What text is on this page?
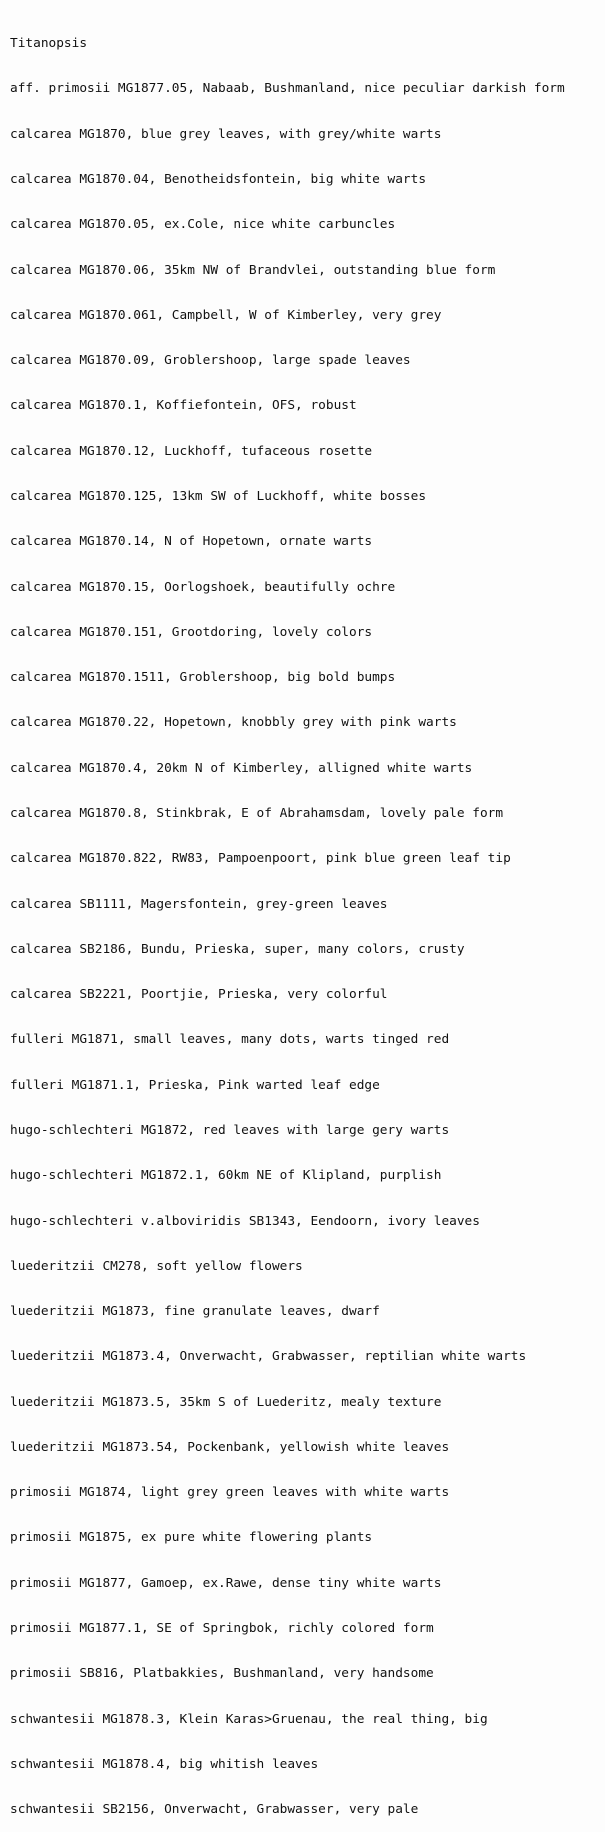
Titanopsis

aff. primosii MG1877.05, Nabaab, Bushmanland, nice peculiar darkish form

calcarea MG1870, blue grey leaves, with grey/white warts

calcarea MG1870.04, Benotheidsfontein, big white warts

calcarea MG1870.05, ex.Cole, nice white carbuncles

calcarea MG1870.06, 35km NW of Brandvlei, outstanding blue form

calcarea MG1870.061, Campbell, W of Kimberley, very grey

calcarea MG1870.09, Groblershoop, large spade leaves

calcarea MG1870.1, Koffiefontein, OFS, robust

calcarea MG1870.12, Luckhoff, tufaceous rosette

calcarea MG1870.125, 13km SW of Luckhoff, white bosses

calcarea MG1870.14, N of Hopetown, ornate warts

calcarea MG1870.15, Oorlogshoek, beautifully ochre

calcarea MG1870.151, Grootdoring, lovely colors

calcarea MG1870.1511, Groblershoop, big bold bumps

calcarea MG1870.22, Hopetown, knobbly grey with pink warts

calcarea MG1870.4, 20km N of Kimberley, alligned white warts

calcarea MG1870.8, Stinkbrak, E of Abrahamsdam, lovely pale form

calcarea MG1870.822, RW83, Pampoenpoort, pink blue green leaf tip

calcarea SB1111, Magersfontein, grey-green leaves

calcarea SB2186, Bundu, Prieska, super, many colors, crusty

calcarea SB2221, Poortjie, Prieska, very colorful

fulleri MG1871, small leaves, many dots, warts tinged red

fulleri MG1871.1, Prieska, Pink warted leaf edge

hugo-schlechteri MG1872, red leaves with large gery warts

hugo-schlechteri MG1872.1, 60km NE of Klipland, purplish

hugo-schlechteri v.alboviridis SB1343, Eendoorn, ivory leaves

luederitzii CM278, soft yellow flowers

luederitzii MG1873, fine granulate leaves, dwarf

luederitzii MG1873.4, Onverwacht, Grabwasser, reptilian white warts

luederitzii MG1873.5, 35km S of Luederitz, mealy texture

luederitzii MG1873.54, Pockenbank, yellowish white leaves

primosii MG1874, light grey green leaves with white warts

primosii MG1875, ex pure white flowering plants

primosii MG1877, Gamoep, ex.Rawe, dense tiny white warts

primosii MG1877.1, SE of Springbok, richly colored form

primosii SB816, Platbakkies, Bushmanland, very handsome

schwantesii MG1878.3, Klein Karas>Gruenau, the real thing, big

schwantesii MG1878.4, big whitish leaves

schwantesii SB2156, Onverwacht, Grabwasser, very pale
